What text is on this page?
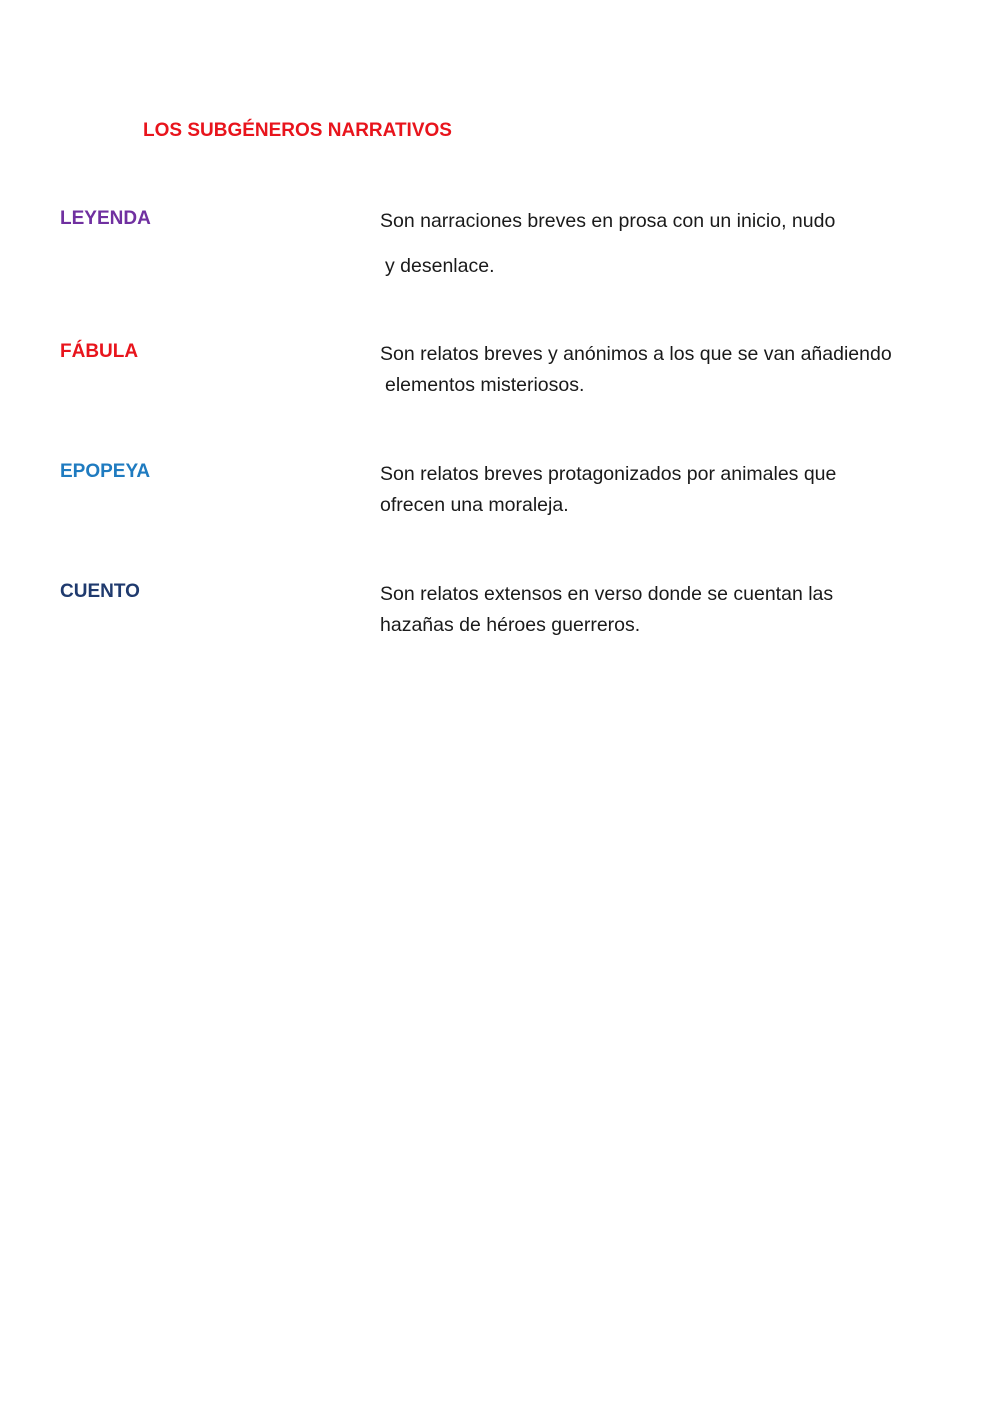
LOS SUBGÉNEROS NARRATIVOS
LEYENDA	Son narraciones breves en prosa con un inicio, nudo
y desenlace.
FÁBULA	Son relatos breves y anónimos a los que se van añadiendo
elementos misteriosos.
EPOPEYA	Son relatos breves protagonizados por animales que
ofrecen una moraleja.
CUENTO	Son relatos extensos en verso donde se cuentan las
hazañas de héroes guerreros.
